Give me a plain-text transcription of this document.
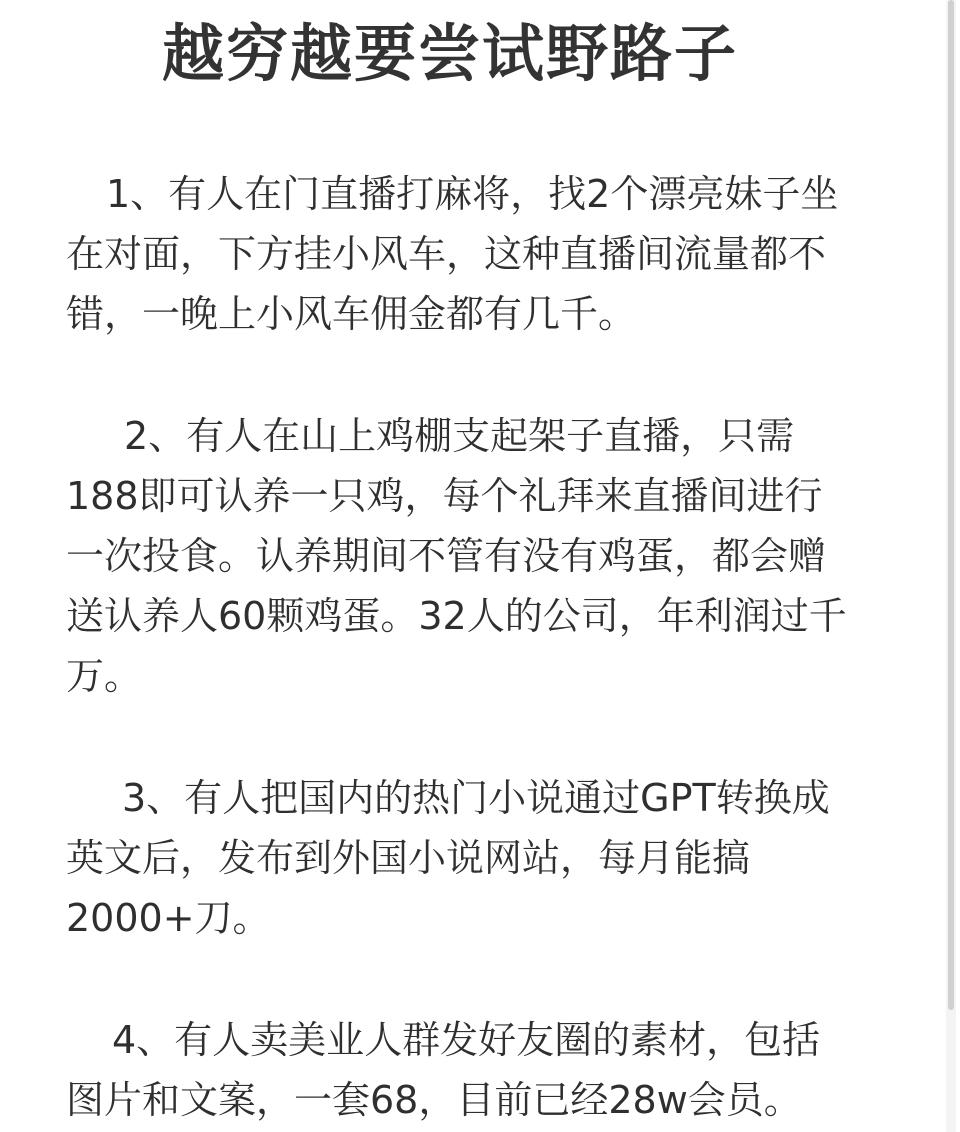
越穷越要尝试野路子
1、有人在门直播打麻将，找2个漂亮妹子坐
在对面，下方挂小风车，这种直播间流量都不
错，一晚上小风车佣金都有几千。
2、有人在山上鸡棚支起架子直播，只需
188即可认养一只鸡，每个礼拜来直播间进行
一次投食。认养期间不管有没有鸡蛋，都会赠
送认养人60颗鸡蛋。32人的公司，年利润过千
万。
3、有人把国内的热门小说通过GPT转换成
英文后，发布到外国小说网站，每月能搞
2000+刀。
4、有人卖美业人群发好友圈的素材，包括
图片和文案，一套68，目前已经28w会员。
